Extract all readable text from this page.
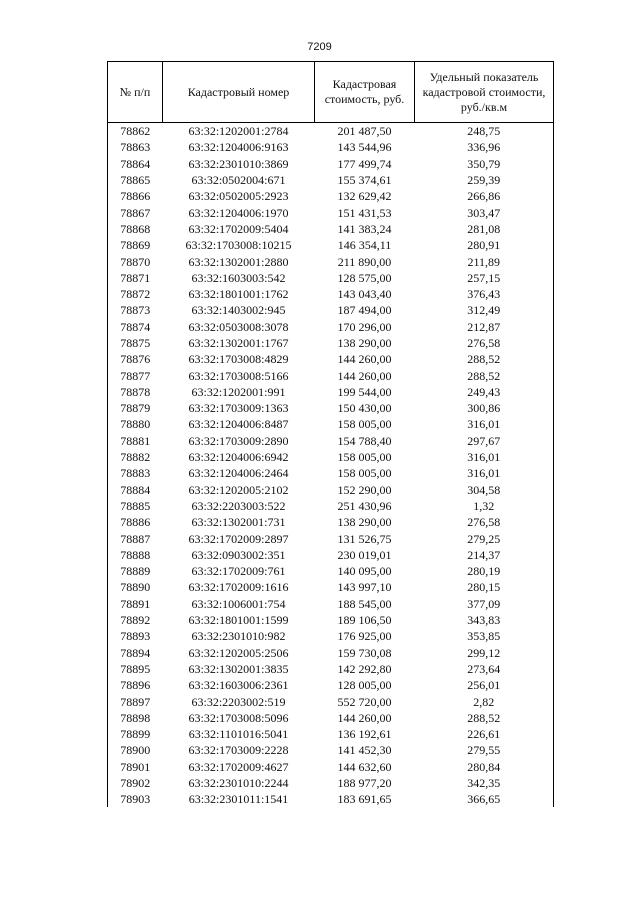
7209
№ п/п	Кадастровый номер	Кадастровая стоимость, руб.	Удельный показатель кадастровой стоимости, руб./кв.м
78862	63:32:1202001:2784	201 487,50	248,75
78863	63:32:1204006:9163	143 544,96	336,96
78864	63:32:2301010:3869	177 499,74	350,79
78865	63:32:0502004:671	155 374,61	259,39
78866	63:32:0502005:2923	132 629,42	266,86
78867	63:32:1204006:1970	151 431,53	303,47
78868	63:32:1702009:5404	141 383,24	281,08
78869	63:32:1703008:10215	146 354,11	280,91
78870	63:32:1302001:2880	211 890,00	211,89
78871	63:32:1603003:542	128 575,00	257,15
78872	63:32:1801001:1762	143 043,40	376,43
78873	63:32:1403002:945	187 494,00	312,49
78874	63:32:0503008:3078	170 296,00	212,87
78875	63:32:1302001:1767	138 290,00	276,58
78876	63:32:1703008:4829	144 260,00	288,52
78877	63:32:1703008:5166	144 260,00	288,52
78878	63:32:1202001:991	199 544,00	249,43
78879	63:32:1703009:1363	150 430,00	300,86
78880	63:32:1204006:8487	158 005,00	316,01
78881	63:32:1703009:2890	154 788,40	297,67
78882	63:32:1204006:6942	158 005,00	316,01
78883	63:32:1204006:2464	158 005,00	316,01
78884	63:32:1202005:2102	152 290,00	304,58
78885	63:32:2203003:522	251 430,96	1,32
78886	63:32:1302001:731	138 290,00	276,58
78887	63:32:1702009:2897	131 526,75	279,25
78888	63:32:0903002:351	230 019,01	214,37
78889	63:32:1702009:761	140 095,00	280,19
78890	63:32:1702009:1616	143 997,10	280,15
78891	63:32:1006001:754	188 545,00	377,09
78892	63:32:1801001:1599	189 106,50	343,83
78893	63:32:2301010:982	176 925,00	353,85
78894	63:32:1202005:2506	159 730,08	299,12
78895	63:32:1302001:3835	142 292,80	273,64
78896	63:32:1603006:2361	128 005,00	256,01
78897	63:32:2203002:519	552 720,00	2,82
78898	63:32:1703008:5096	144 260,00	288,52
78899	63:32:1101016:5041	136 192,61	226,61
78900	63:32:1703009:2228	141 452,30	279,55
78901	63:32:1702009:4627	144 632,60	280,84
78902	63:32:2301010:2244	188 977,20	342,35
78903	63:32:2301011:1541	183 691,65	366,65
